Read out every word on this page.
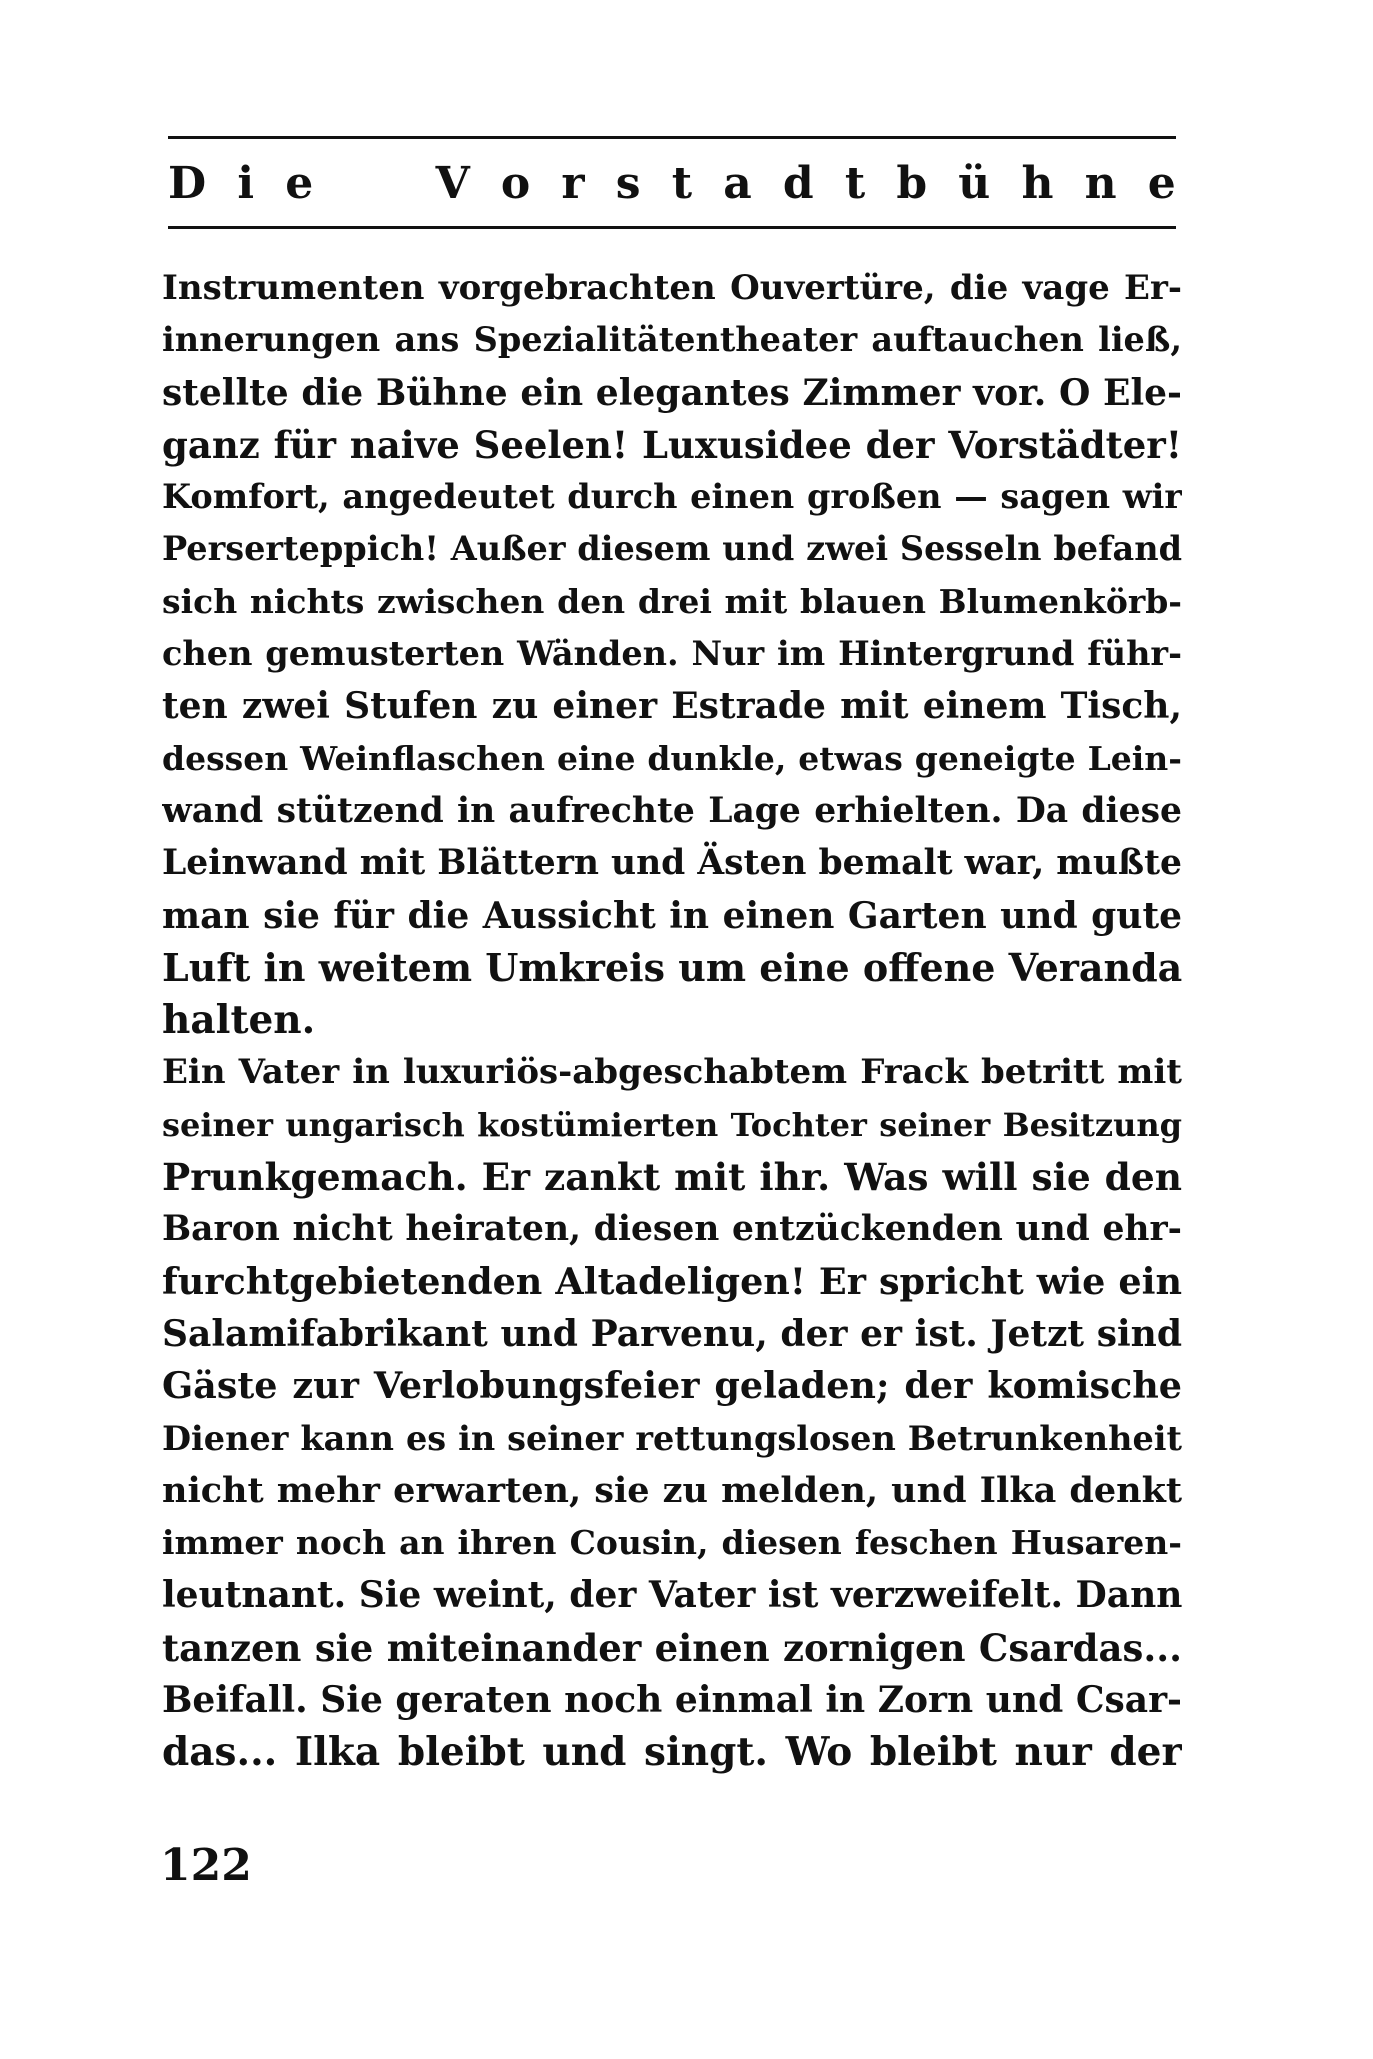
D i e	V o r s t a d t b ü h n e
Instrumenten vorgebrachten Ouvertüre, die vage Er-
innerungen ans Spezialitätentheater auftauchen ließ,
stellte die Bühne ein elegantes Zimmer vor. O Ele-
ganz für naive Seelen! Luxusidee der Vorstädter!
Komfort, angedeutet durch einen großen — sagen wir
Perserteppich! Außer diesem und zwei Sesseln befand
sich nichts zwischen den drei mit blauen Blumenkörb-
chen gemusterten Wänden. Nur im Hintergrund führ-
ten zwei Stufen zu einer Estrade mit einem Tisch,
dessen Weinflaschen eine dunkle, etwas geneigte Lein-
wand stützend in aufrechte Lage erhielten. Da diese
Leinwand mit Blättern und Ästen bemalt war, mußte
man sie für die Aussicht in einen Garten und gute
Luft in weitem Umkreis um eine offene Veranda
halten.
Ein Vater in luxuriös-abgeschabtem Frack betritt mit
seiner ungarisch kostümierten Tochter seiner Besitzung
Prunkgemach. Er zankt mit ihr. Was will sie den
Baron nicht heiraten, diesen entzückenden und ehr-
furchtgebietenden Altadeligen! Er spricht wie ein
Salamifabrikant und Parvenu, der er ist. Jetzt sind
Gäste zur Verlobungsfeier geladen; der komische
Diener kann es in seiner rettungslosen Betrunkenheit
nicht mehr erwarten, sie zu melden, und Ilka denkt
immer noch an ihren Cousin, diesen feschen Husaren-
leutnant. Sie weint, der Vater ist verzweifelt. Dann
tanzen sie miteinander einen zornigen Csardas...
Beifall. Sie geraten noch einmal in Zorn und Csar-
das... Ilka bleibt und singt. Wo bleibt nur der
122
